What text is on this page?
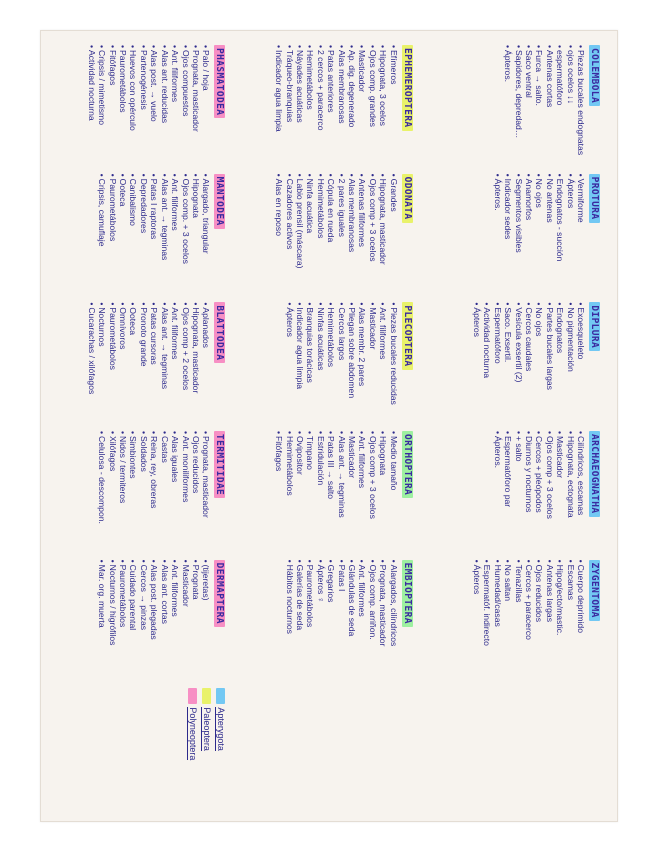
COLEMBOLA
• Piezas bucales endognatas
• ojos ocelos ↓↓
• espermatóforo
• Antenas cortas
• Furca → salto.
• Saco ventral
• Sapidores, depredad…
• Ápteros.
PROTURA
• Vermiforme
• Ápteros
• Endognatos - succión
• No antenas
• No ojos
• Anamorfos
• Segmentos visibles
• Indicador sedes
• Ápteros.
DIPLURA
• Exoesqueleto
• No pigmentación
• Endognatos
• Partes bucales largas
• No ojos
• Cercos caudales
• Vesícula exsertil (2)
• Saco. Exsertil.
• Espermatóforo
• Actividad nocturna
• Ápteros
ARCHAEOGNATHA
• Cilíndricos, escamas
• Hipognata, ectognata
• Masticador
• Ojos comp + 3 ocelos
• Cercos + pleópodos
• Diurnos y nocturnos
• + salto
• Espermatóforo par
• Ápteros.
ZYGENTOMA
• Cuerpo deprimido
• Escamas
• Hipog/ecto/mastic.
• Antenas largas
• Ojos reducidos
• Cercos + paracerco
• Tenazillas
• No saltan
• Humedad/casas
• Espermatóf. indirecto
• Ápteros
EPHEMEROPTERA
• Efímeros
• Hipognata, 3 ocelos
• Ojos comp. grandes
• Masticador
• Ap. dig. degenerado
• Alas membranosas
• Patas anteriores
• 2 cercos + paracerco
• Hemimetábolos
• Náyades acuáticas
• Tráqueo-branquias
• Indicador agua limpia
ODONATA
• Grandes
• Hipognata, masticador
• Ojos comp + 3 ocelos
• Antenas filiformes
• Alas membranosas
• 2 pares iguales
• Cópula en rueda
• Hemimetábolos
• Ninfa acuática
• Labio prensil (máscara)
• Cazadores activos
• Alas en reposo
PLECOPTERA
• Piezas bucales reducidas
• Ant. filiformes
• Masticador
• Alas membr. 2 pares
• Pliegan sobre abdomen
• Cercos largos
• Hemimetábolos
• Ninfas acuáticas
• Branquias torácicas
• Indicador agua limpia
• Ápteros
ORTHOPTERA
• Medio tamaño
• Hipognata
• Ojos comp + 3 ocelos
• Ant. filiformes
• Masticador
• Alas ant. → tegminas
• Patas III → salto
• Estridulación
• Tímpano
• Ovipositor
• Hemimetábolos
• Fitófagos
EMBIOPTERA
• Alargados, cilíndricos
• Prognata, masticador
• Ojos comp. arriñon.
• Ant. filiformes
• Glándulas de seda
• Patas I
• Gregarios
• Ápteros ♀
• Paurometábolos
• Galerías de seda
• Hábitos nocturnos
PHASMATODEA
• Palo / hoja
• Prognata, masticador
• Ojos compuestos
• Ant. filiformes
• Alas ant. reducidas
• Alas post. → vuelo
• Partenogénesis
• Huevos con opérculo
• Paurometábolos
• Fitófagos
• Cripsis / mimetismo
• Actividad nocturna
MANTODEA
• Alargado, triangular
• Hipognata
• Ojos comp. + 3 ocelos
• Ant. filiformes
• Alas ant. → tegminas
• Patas I raptoras
• Depredadores
• Canibalismo
• Ooteca
• Paurometábolos
• Cripsis, camuflaje
BLATTODEA
• Aplanados
• Hipognata, masticador
• Ojos comp + 2 ocelos
• Ant. filiformes
• Alas ant. → tegminas
• Patas cursoras
• Pronoto grande
• Ooteca
• Omnívoros
• Paurometábolos
• Nocturnos
• Cucarachas / xilófagos
TERMITIDAE
• Prognata, masticador
• Ojos reducidos
• Ant. moniliformes
• Alas iguales
• Castas
• Reina, rey, obreras
• Soldados
• Simbiontes
• Nidos / termiteros
• Xilófagos
• Celulosa - descompon.
DERMAPTERA
• (tijeretas)
• Prognata
• Masticador
• Ant. filiformes
• Alas ant. cortas
• Alas post. plegadas
• Cercos → pinzas
• Cuidado parental
• Paurometábolos
• Nocturnos / higrófilos
• Mar. org. muerta
Apterygota
Paleoptera
Polyneoptera
